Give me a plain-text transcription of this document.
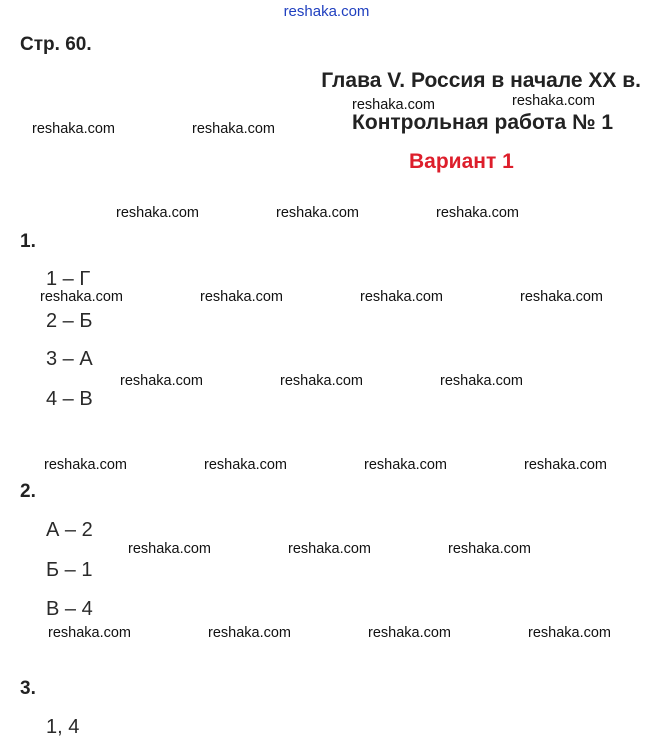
reshaka.com
Стр. 60.
Глава V. Россия в начале XX в.
Контрольная работа № 1
Вариант 1
1.
1 – Г
2 – Б
3 – А
4 – В
2.
А – 2
Б – 1
В – 4
3.
1, 4
reshaka.com	reshaka.com
reshaka.com	reshaka.com
reshaka.com	reshaka.com	reshaka.com
reshaka.com	reshaka.com	reshaka.com	reshaka.com
reshaka.com	reshaka.com	reshaka.com
reshaka.com	reshaka.com	reshaka.com	reshaka.com
reshaka.com	reshaka.com	reshaka.com
reshaka.com	reshaka.com	reshaka.com	reshaka.com
